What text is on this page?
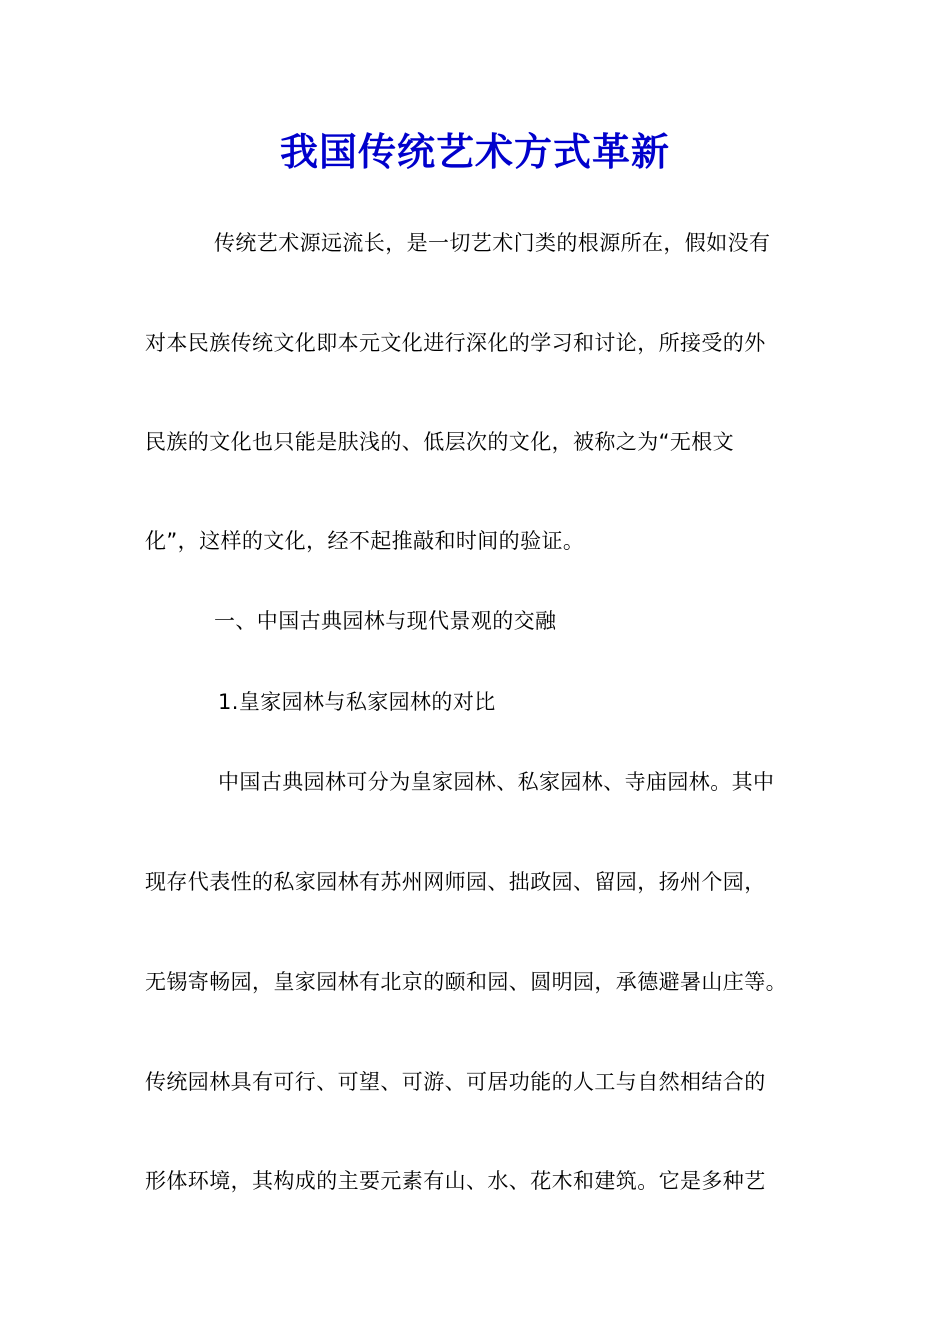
我国传统艺术方式革新
传统艺术源远流长，是一切艺术门类的根源所在，假如没有
对本民族传统文化即本元文化进行深化的学习和讨论，所接受的外
民族的文化也只能是肤浅的、低层次的文化，被称之为“无根文
化”，这样的文化，经不起推敲和时间的验证。
一、中国古典园林与现代景观的交融
1.皇家园林与私家园林的对比
中国古典园林可分为皇家园林、私家园林、寺庙园林。其中
现存代表性的私家园林有苏州网师园、拙政园、留园，扬州个园，
无锡寄畅园，皇家园林有北京的颐和园、圆明园，承德避暑山庄等。
传统园林具有可行、可望、可游、可居功能的人工与自然相结合的
形体环境，其构成的主要元素有山、水、花木和建筑。它是多种艺
